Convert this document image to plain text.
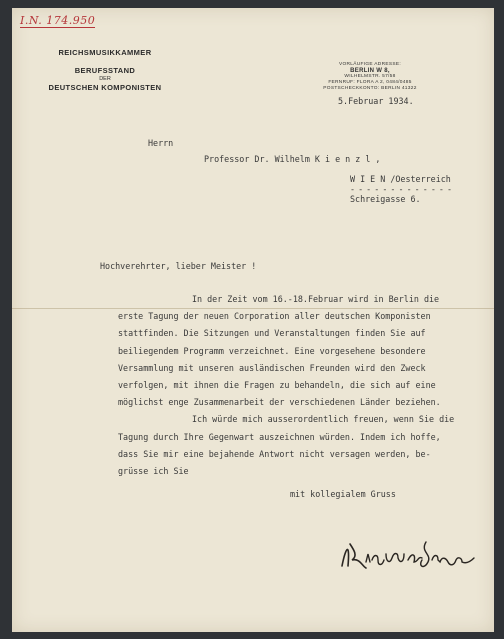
I.N. 174.950
REICHSMUSIKKAMMER
BERUFSSTAND
DER
DEUTSCHEN KOMPONISTEN
VORLÄUFIGE ADRESSE:
BERLIN W 8,
WILHELMSTR. 57/58
FERNRUF: FLORA A 2, 0484/0485
POSTSCHECKKONTO: BERLIN 41322
5.Februar 1934.
Herrn
Professor Dr. Wilhelm K i e n z l ,
W I E N /Oesterreich
- - - - - - - - - - - - -
Schreigasse 6.
Hochverehrter, lieber Meister !
In der Zeit vom 16.-18.Februar wird in Berlin die
erste Tagung der neuen Corporation aller deutschen Komponisten
stattfinden. Die Sitzungen und Veranstaltungen finden Sie auf
beiliegendem Programm verzeichnet. Eine vorgesehene besondere
Versammlung mit unseren ausländischen Freunden wird den Zweck
verfolgen, mit ihnen die Fragen zu behandeln, die sich auf eine
möglichst enge Zusammenarbeit der verschiedenen Länder beziehen.
Ich würde mich ausserordentlich freuen, wenn Sie die
Tagung durch Ihre Gegenwart auszeichnen würden. Indem ich hoffe,
dass Sie mir eine bejahende Antwort nicht versagen werden, be-
grüsse ich Sie
mit kollegialem Gruss
